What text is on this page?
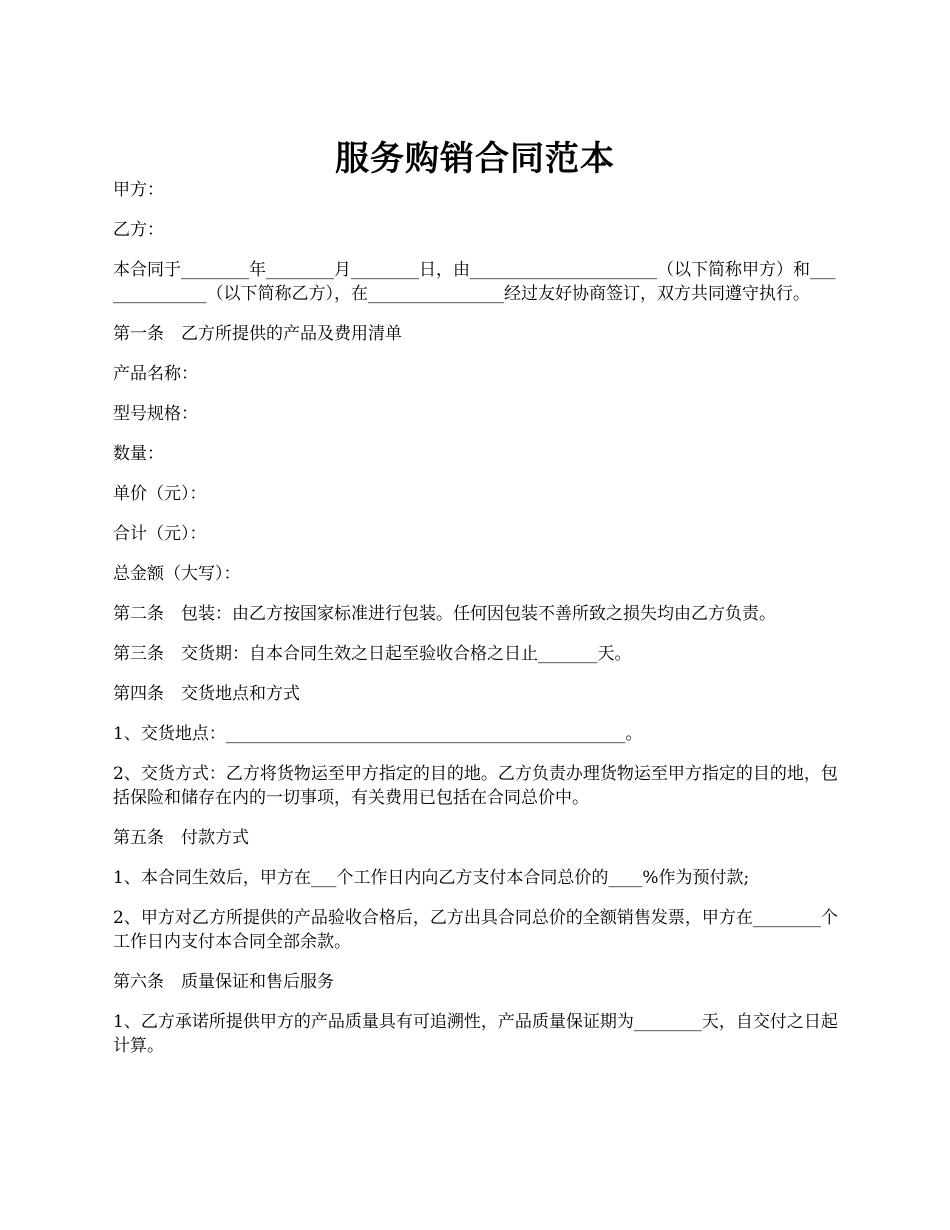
服务购销合同范本

甲方：

乙方：

本合同于________年________月________日，由______________________（以下简称甲方）和______________（以下简称乙方），在________________经过友好协商签订，双方共同遵守执行。

第一条　乙方所提供的产品及费用清单

产品名称：

型号规格：

数量：

单价（元）：

合计（元）：

总金额（大写）：

第二条　包装：由乙方按国家标准进行包装。任何因包装不善所致之损失均由乙方负责。

第三条　交货期：自本合同生效之日起至验收合格之日止_______天。

第四条　交货地点和方式

1、交货地点：_______________________________________________。

2、交货方式：乙方将货物运至甲方指定的目的地。乙方负责办理货物运至甲方指定的目的地，包括保险和储存在内的一切事项，有关费用已包括在合同总价中。

第五条　付款方式

1、本合同生效后，甲方在___个工作日内向乙方支付本合同总价的____%作为预付款;

2、甲方对乙方所提供的产品验收合格后，乙方出具合同总价的全额销售发票，甲方在________个工作日内支付本合同全部余款。

第六条　质量保证和售后服务

1、乙方承诺所提供甲方的产品质量具有可追溯性，产品质量保证期为________天，自交付之日起计算。
